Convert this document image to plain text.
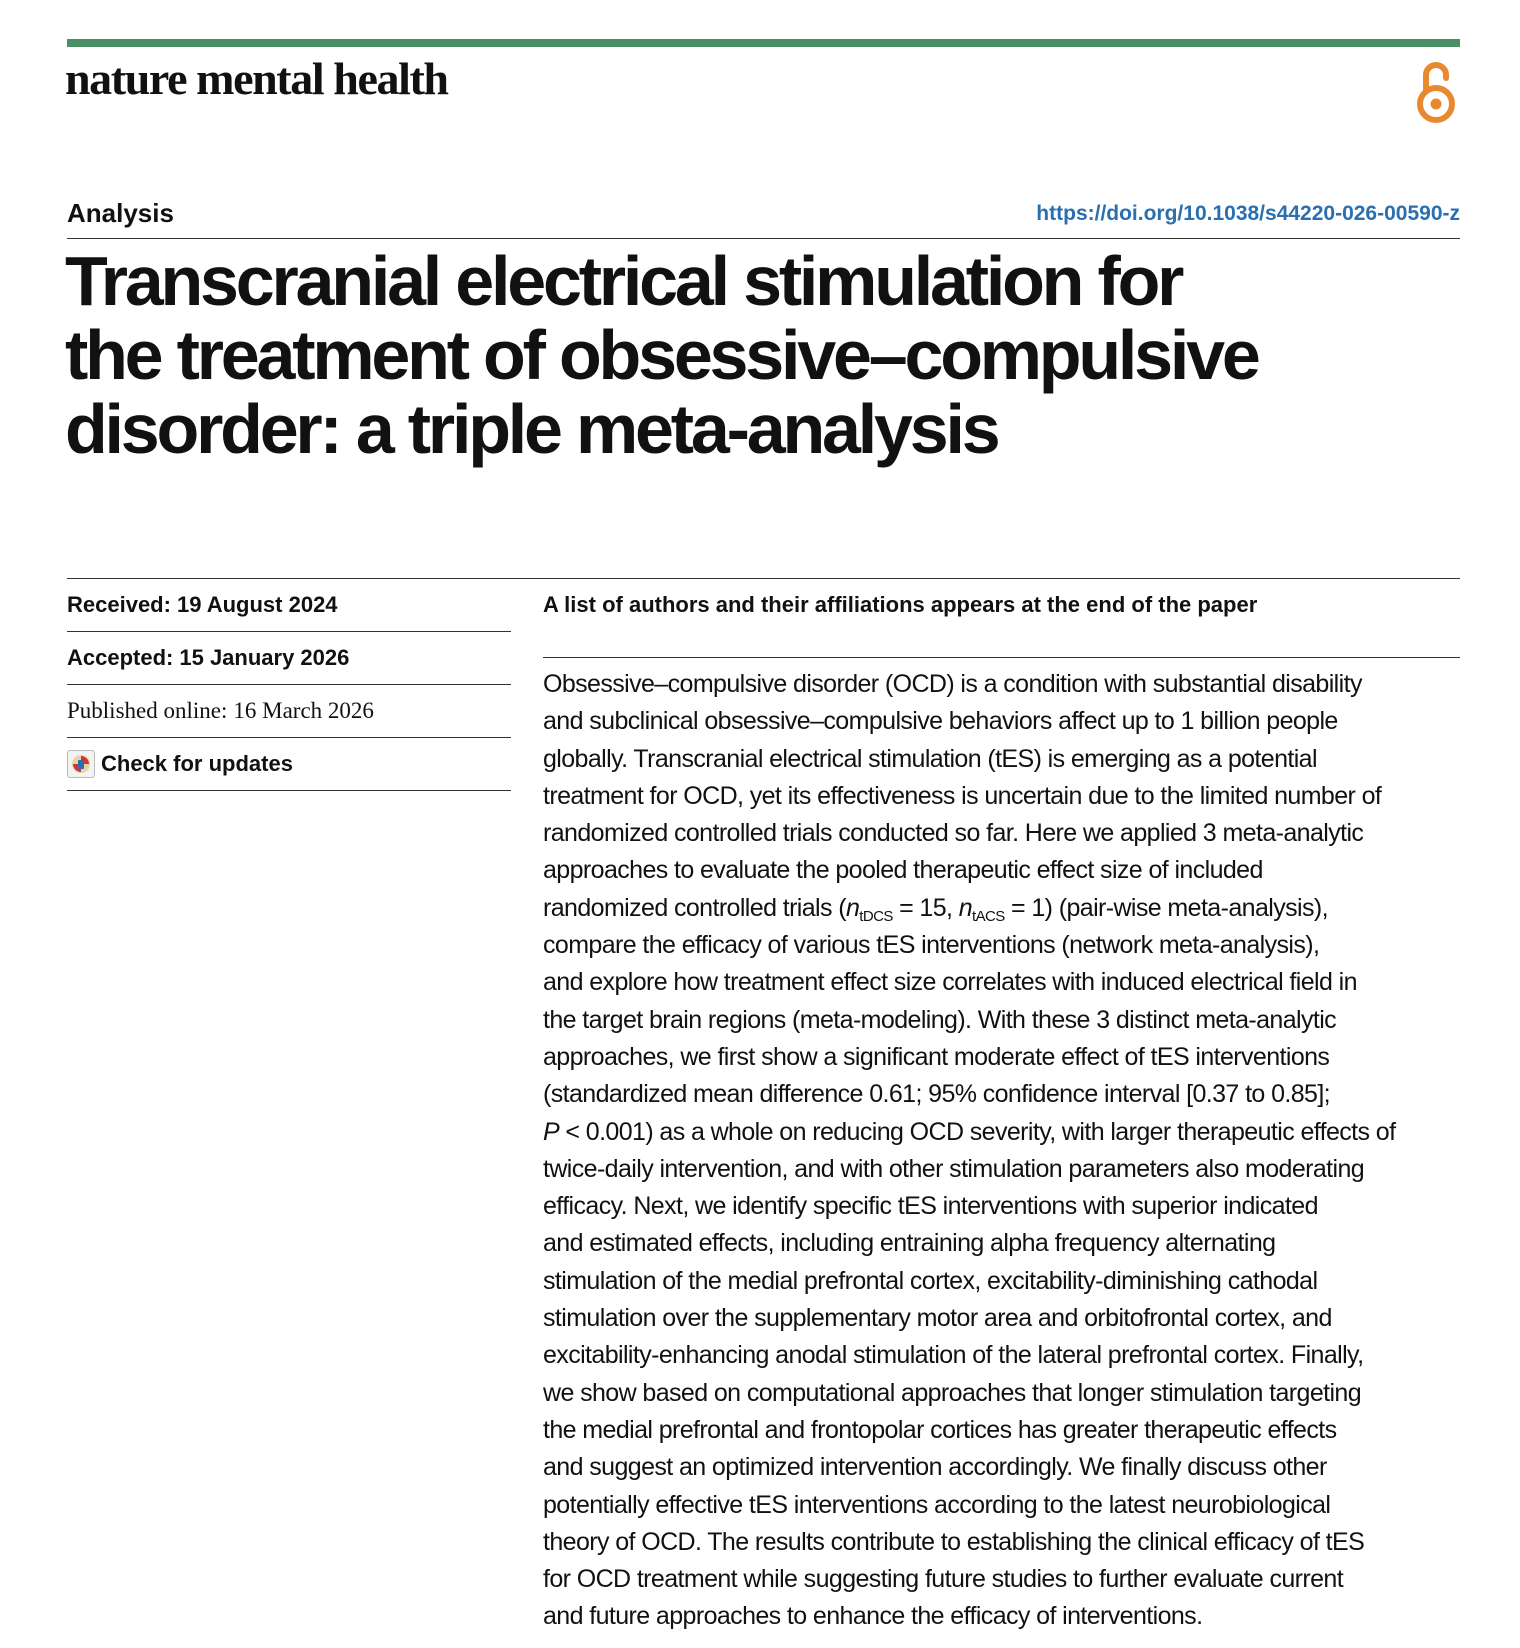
nature mental health
Analysis	https://doi.org/10.1038/s44220-026-00590-z
Transcranial electrical stimulation for
the treatment of obsessive–compulsive
disorder: a triple meta-analysis
Received: 19 August 2024
Accepted: 15 January 2026
Published online: 16 March 2026
Check for updates
A list of authors and their affiliations appears at the end of the paper
Obsessive–compulsive disorder (OCD) is a condition with substantial disability
and subclinical obsessive–compulsive behaviors affect up to 1 billion people
globally. Transcranial electrical stimulation (tES) is emerging as a potential
treatment for OCD, yet its effectiveness is uncertain due to the limited number of
randomized controlled trials conducted so far. Here we applied 3 meta-analytic
approaches to evaluate the pooled therapeutic effect size of included
randomized controlled trials ($n_{tDCS} = 15$, $n_{tACS} = 1$) (pair-wise meta-analysis),
compare the efficacy of various tES interventions (network meta-analysis),
and explore how treatment effect size correlates with induced electrical field in
the target brain regions (meta-modeling). With these 3 distinct meta-analytic
approaches, we first show a significant moderate effect of tES interventions
(standardized mean difference 0.61; 95% confidence interval [0.37 to 0.85];
P < 0.001) as a whole on reducing OCD severity, with larger therapeutic effects of
twice-daily intervention, and with other stimulation parameters also moderating
efficacy. Next, we identify specific tES interventions with superior indicated
and estimated effects, including entraining alpha frequency alternating
stimulation of the medial prefrontal cortex, excitability-diminishing cathodal
stimulation over the supplementary motor area and orbitofrontal cortex, and
excitability-enhancing anodal stimulation of the lateral prefrontal cortex. Finally,
we show based on computational approaches that longer stimulation targeting
the medial prefrontal and frontopolar cortices has greater therapeutic effects
and suggest an optimized intervention accordingly. We finally discuss other
potentially effective tES interventions according to the latest neurobiological
theory of OCD. The results contribute to establishing the clinical efficacy of tES
for OCD treatment while suggesting future studies to further evaluate current
and future approaches to enhance the efficacy of interventions.
